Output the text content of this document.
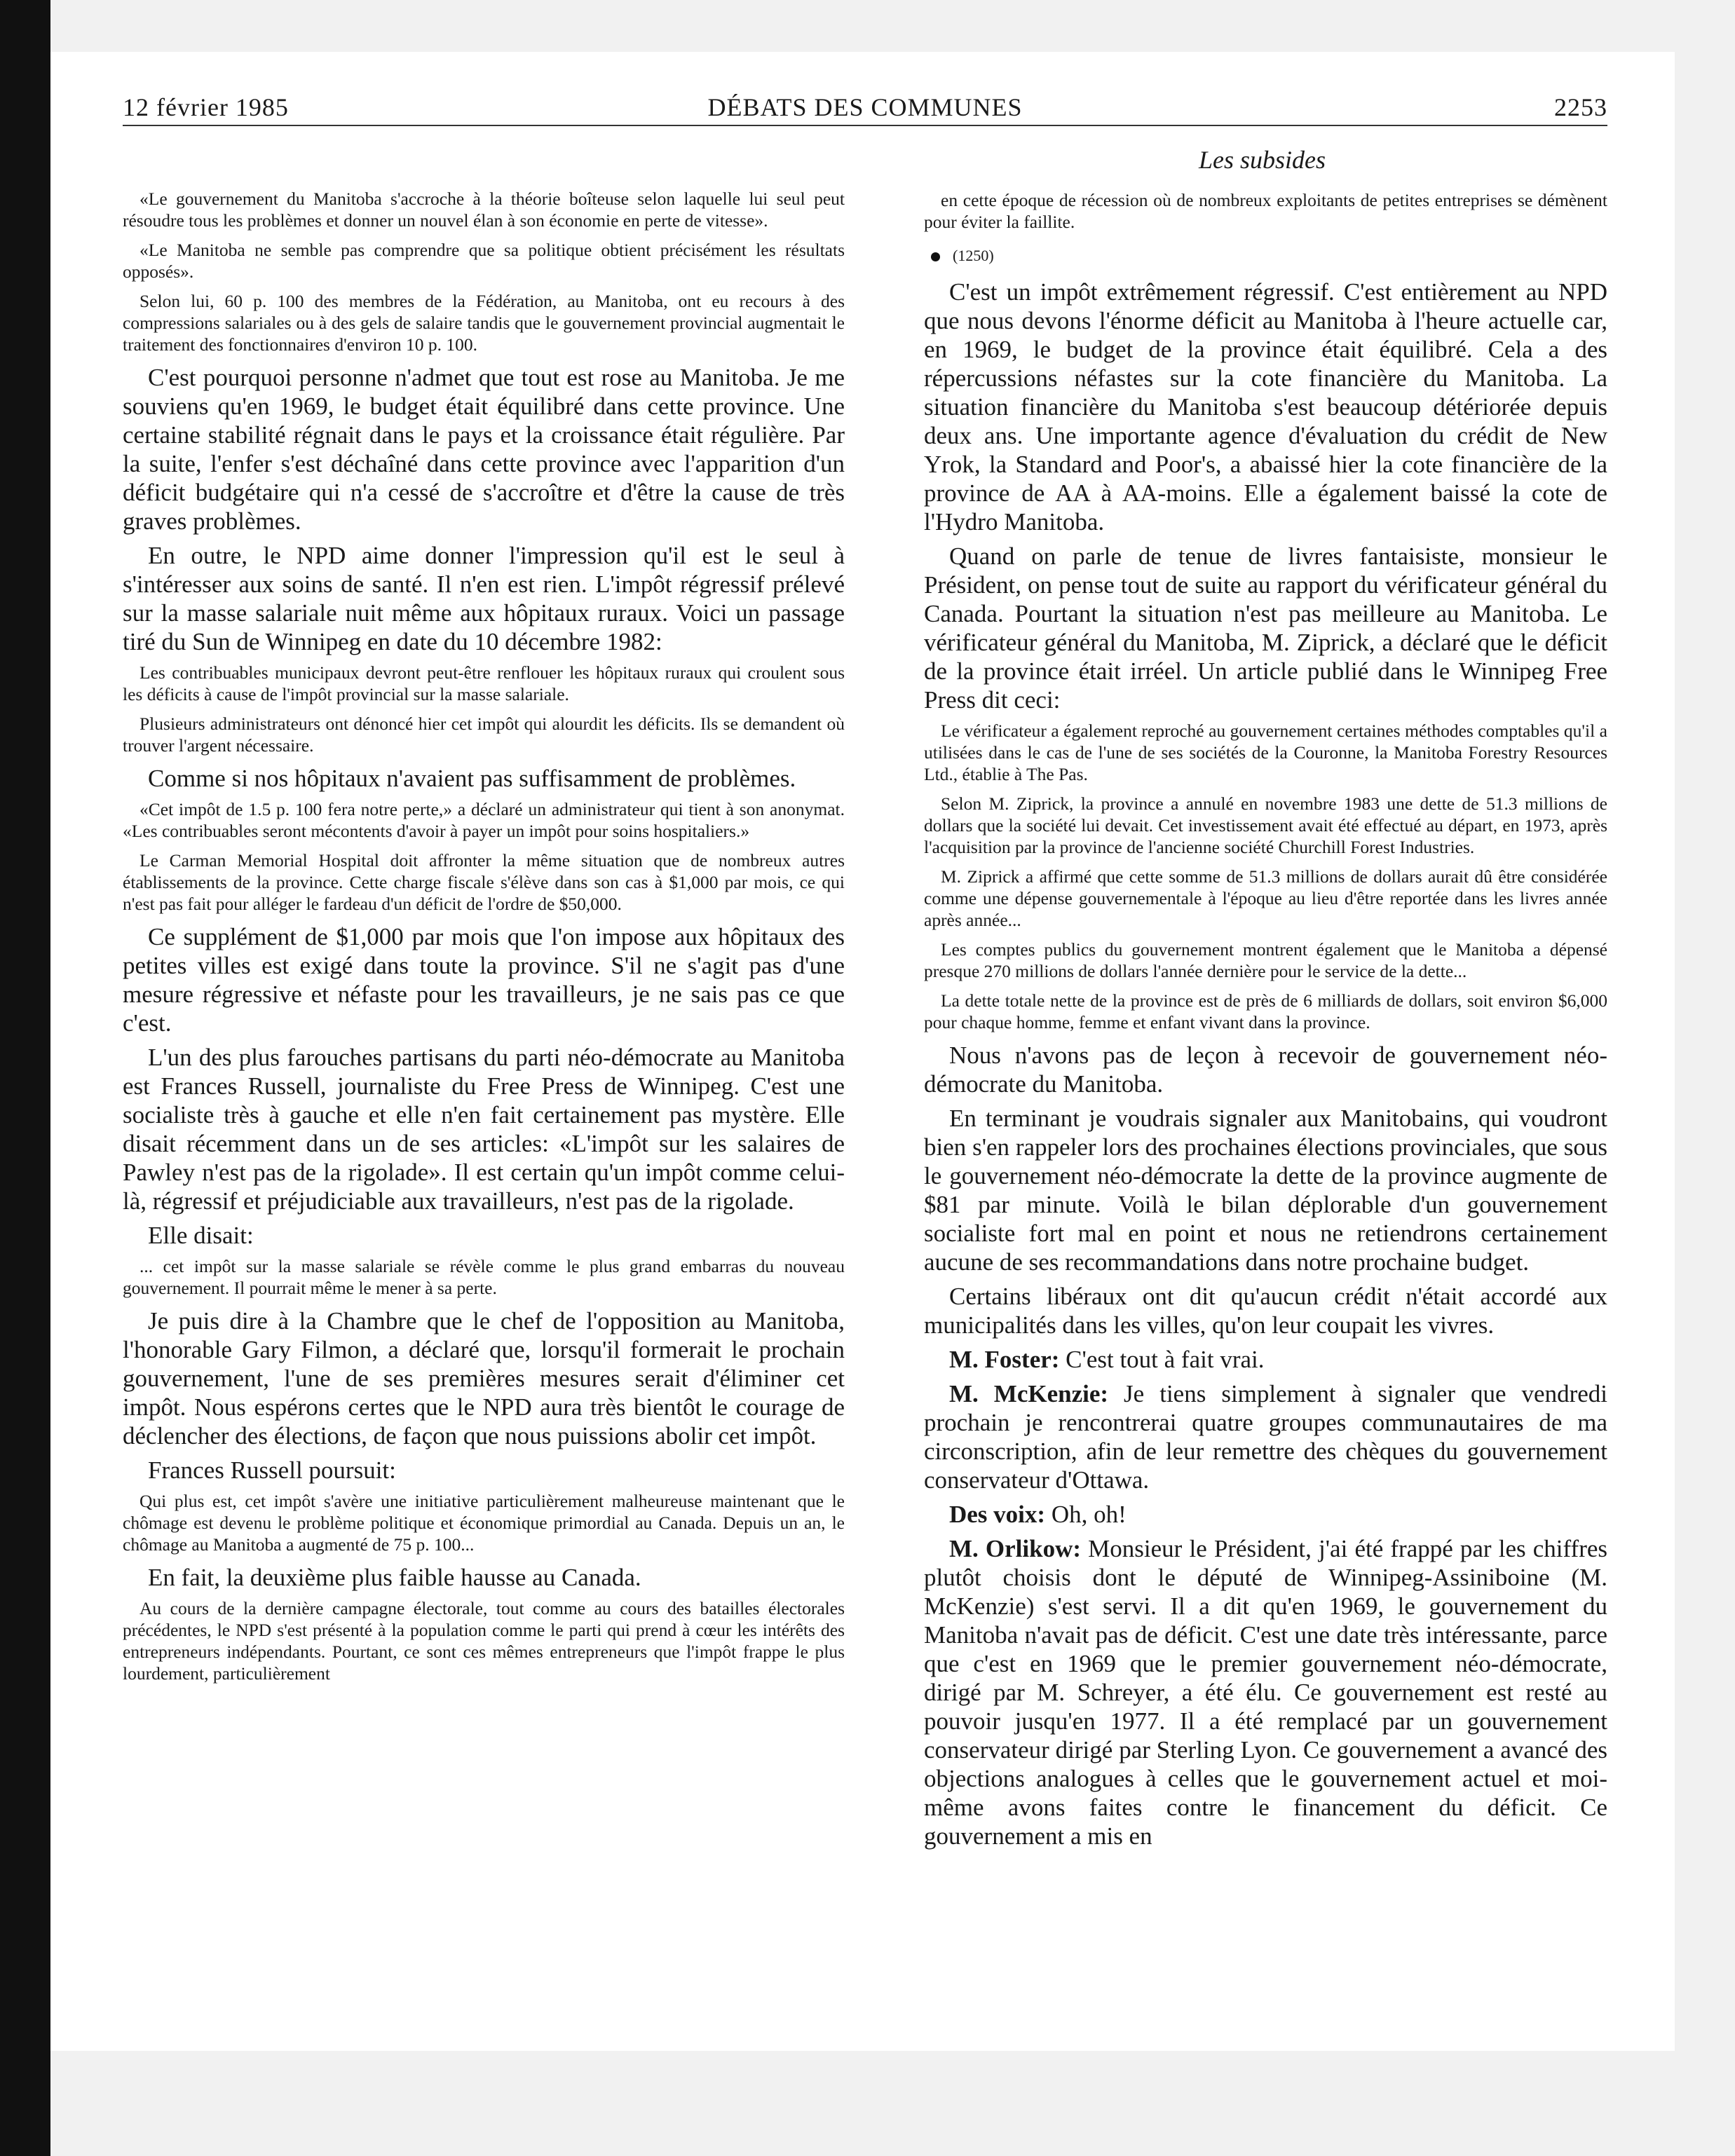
12 février 1985	DÉBATS DES COMMUNES	2253
Les subsides

«Le gouvernement du Manitoba s'accroche à la théorie boîteuse selon laquelle lui seul peut résoudre tous les problèmes et donner un nouvel élan à son économie en perte de vitesse».

«Le Manitoba ne semble pas comprendre que sa politique obtient précisément les résultats opposés».

Selon lui, 60 p. 100 des membres de la Fédération, au Manitoba, ont eu recours à des compressions salariales ou à des gels de salaire tandis que le gouvernement provincial augmentait le traitement des fonctionnaires d'environ 10 p. 100.

C'est pourquoi personne n'admet que tout est rose au Manitoba. Je me souviens qu'en 1969, le budget était équilibré dans cette province. Une certaine stabilité régnait dans le pays et la croissance était régulière. Par la suite, l'enfer s'est déchaîné dans cette province avec l'apparition d'un déficit budgétaire qui n'a cessé de s'accroître et d'être la cause de très graves problèmes.

En outre, le NPD aime donner l'impression qu'il est le seul à s'intéresser aux soins de santé. Il n'en est rien. L'impôt régressif prélevé sur la masse salariale nuit même aux hôpitaux ruraux. Voici un passage tiré du Sun de Winnipeg en date du 10 décembre 1982:

Les contribuables municipaux devront peut-être renflouer les hôpitaux ruraux qui croulent sous les déficits à cause de l'impôt provincial sur la masse salariale.

Plusieurs administrateurs ont dénoncé hier cet impôt qui alourdit les déficits. Ils se demandent où trouver l'argent nécessaire.

Comme si nos hôpitaux n'avaient pas suffisamment de problèmes.

«Cet impôt de 1.5 p. 100 fera notre perte,» a déclaré un administrateur qui tient à son anonymat. «Les contribuables seront mécontents d'avoir à payer un impôt pour soins hospitaliers.»

Le Carman Memorial Hospital doit affronter la même situation que de nombreux autres établissements de la province. Cette charge fiscale s'élève dans son cas à $1,000 par mois, ce qui n'est pas fait pour alléger le fardeau d'un déficit de l'ordre de $50,000.

Ce supplément de $1,000 par mois que l'on impose aux hôpitaux des petites villes est exigé dans toute la province. S'il ne s'agit pas d'une mesure régressive et néfaste pour les travailleurs, je ne sais pas ce que c'est.

L'un des plus farouches partisans du parti néo-démocrate au Manitoba est Frances Russell, journaliste du Free Press de Winnipeg. C'est une socialiste très à gauche et elle n'en fait certainement pas mystère. Elle disait récemment dans un de ses articles: «L'impôt sur les salaires de Pawley n'est pas de la rigolade». Il est certain qu'un impôt comme celui-là, régressif et préjudiciable aux travailleurs, n'est pas de la rigolade.

Elle disait:

... cet impôt sur la masse salariale se révèle comme le plus grand embarras du nouveau gouvernement. Il pourrait même le mener à sa perte.

Je puis dire à la Chambre que le chef de l'opposition au Manitoba, l'honorable Gary Filmon, a déclaré que, lorsqu'il formerait le prochain gouvernement, l'une de ses premières mesures serait d'éliminer cet impôt. Nous espérons certes que le NPD aura très bientôt le courage de déclencher des élections, de façon que nous puissions abolir cet impôt.

Frances Russell poursuit:

Qui plus est, cet impôt s'avère une initiative particulièrement malheureuse maintenant que le chômage est devenu le problème politique et économique primordial au Canada. Depuis un an, le chômage au Manitoba a augmenté de 75 p. 100...

En fait, la deuxième plus faible hausse au Canada.

Au cours de la dernière campagne électorale, tout comme au cours des batailles électorales précédentes, le NPD s'est présenté à la population comme le parti qui prend à cœur les intérêts des entrepreneurs indépendants. Pourtant, ce sont ces mêmes entrepreneurs que l'impôt frappe le plus lourdement, particulièrement

en cette époque de récession où de nombreux exploitants de petites entreprises se démènent pour éviter la faillite.

(1250)

C'est un impôt extrêmement régressif. C'est entièrement au NPD que nous devons l'énorme déficit au Manitoba à l'heure actuelle car, en 1969, le budget de la province était équilibré. Cela a des répercussions néfastes sur la cote financière du Manitoba. La situation financière du Manitoba s'est beaucoup détériorée depuis deux ans. Une importante agence d'évaluation du crédit de New Yrok, la Standard and Poor's, a abaissé hier la cote financière de la province de AA à AA-moins. Elle a également baissé la cote de l'Hydro Manitoba.

Quand on parle de tenue de livres fantaisiste, monsieur le Président, on pense tout de suite au rapport du vérificateur général du Canada. Pourtant la situation n'est pas meilleure au Manitoba. Le vérificateur général du Manitoba, M. Ziprick, a déclaré que le déficit de la province était irréel. Un article publié dans le Winnipeg Free Press dit ceci:

Le vérificateur a également reproché au gouvernement certaines méthodes comptables qu'il a utilisées dans le cas de l'une de ses sociétés de la Couronne, la Manitoba Forestry Resources Ltd., établie à The Pas.

Selon M. Ziprick, la province a annulé en novembre 1983 une dette de 51.3 millions de dollars que la société lui devait. Cet investissement avait été effectué au départ, en 1973, après l'acquisition par la province de l'ancienne société Churchill Forest Industries.

M. Ziprick a affirmé que cette somme de 51.3 millions de dollars aurait dû être considérée comme une dépense gouvernementale à l'époque au lieu d'être reportée dans les livres année après année...

Les comptes publics du gouvernement montrent également que le Manitoba a dépensé presque 270 millions de dollars l'année dernière pour le service de la dette...

La dette totale nette de la province est de près de 6 milliards de dollars, soit environ $6,000 pour chaque homme, femme et enfant vivant dans la province.

Nous n'avons pas de leçon à recevoir de gouvernement néo-démocrate du Manitoba.

En terminant je voudrais signaler aux Manitobains, qui voudront bien s'en rappeler lors des prochaines élections provinciales, que sous le gouvernement néo-démocrate la dette de la province augmente de $81 par minute. Voilà le bilan déplorable d'un gouvernement socialiste fort mal en point et nous ne retiendrons certainement aucune de ses recommandations dans notre prochaine budget.

Certains libéraux ont dit qu'aucun crédit n'était accordé aux municipalités dans les villes, qu'on leur coupait les vivres.

M. Foster: C'est tout à fait vrai.

M. McKenzie: Je tiens simplement à signaler que vendredi prochain je rencontrerai quatre groupes communautaires de ma circonscription, afin de leur remettre des chèques du gouvernement conservateur d'Ottawa.

Des voix: Oh, oh!

M. Orlikow: Monsieur le Président, j'ai été frappé par les chiffres plutôt choisis dont le député de Winnipeg-Assiniboine (M. McKenzie) s'est servi. Il a dit qu'en 1969, le gouvernement du Manitoba n'avait pas de déficit. C'est une date très intéressante, parce que c'est en 1969 que le premier gouvernement néo-démocrate, dirigé par M. Schreyer, a été élu. Ce gouvernement est resté au pouvoir jusqu'en 1977. Il a été remplacé par un gouvernement conservateur dirigé par Sterling Lyon. Ce gouvernement a avancé des objections analogues à celles que le gouvernement actuel et moi-même avons faites contre le financement du déficit. Ce gouvernement a mis en
